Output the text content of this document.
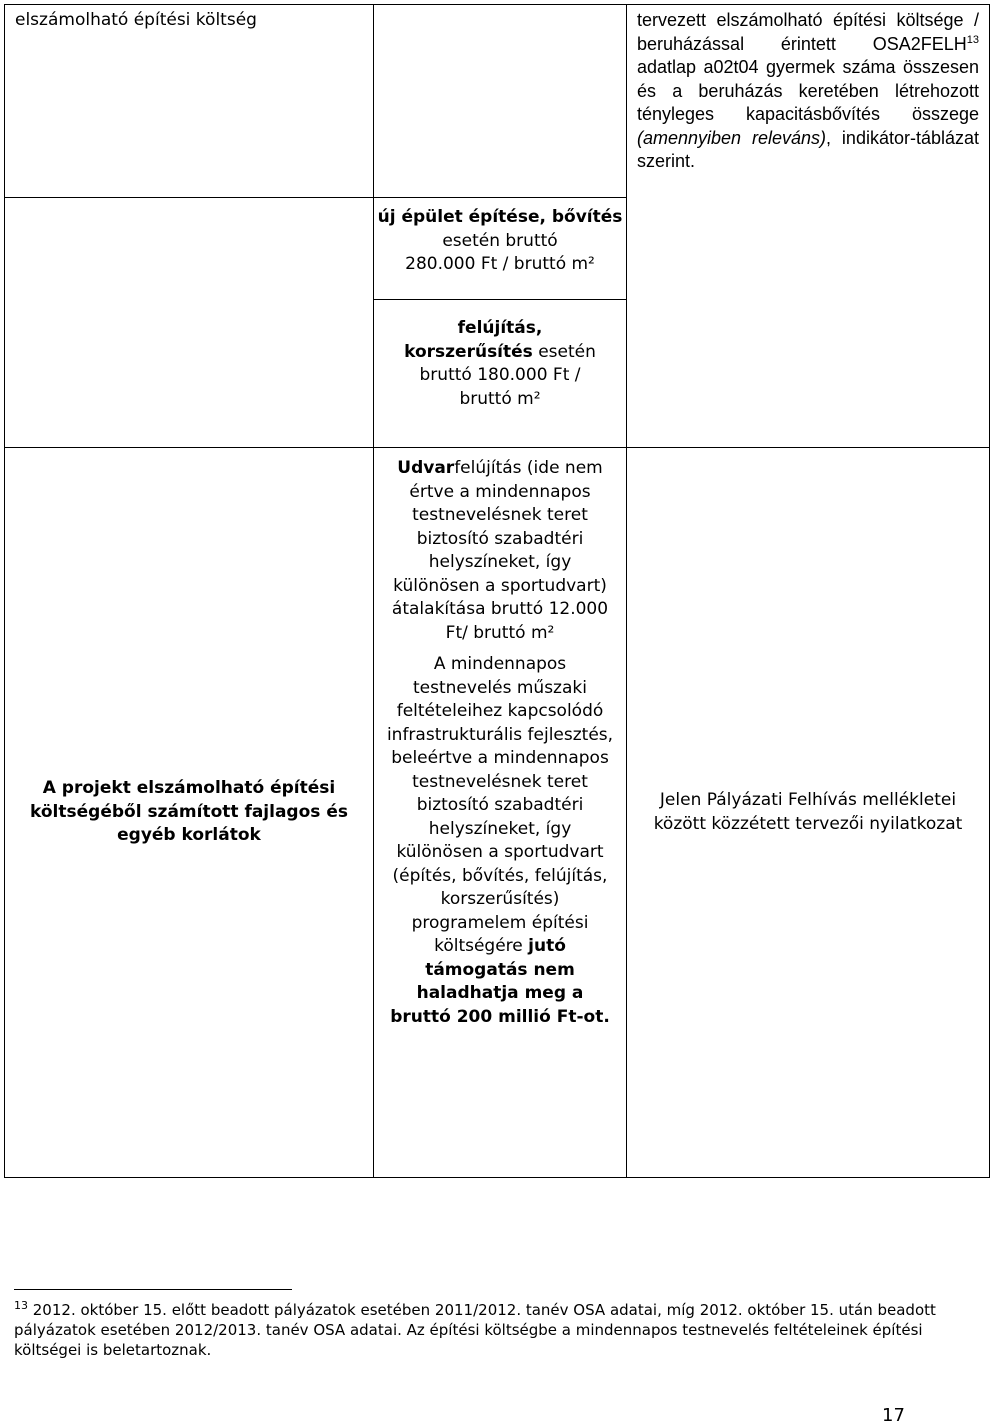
elszámolható építési költség		tervezett elszámolható építési költsége / beruházással érintett OSA2FELH$^{13}$ adatlap a02t04 gyermek száma összesen és a beruházás keretében létrehozott tényleges kapacitásbővítés összege (amennyiben releváns), indikátor-táblázat szerint.
	új épület építése, bővítés esetén bruttó
280.000 Ft / bruttó m²	
	felújítás,
korszerűsítés esetén
bruttó 180.000 Ft /
bruttó m²	
A projekt elszámolható építési költségéből számított fajlagos és egyéb korlátok	Udvarfelújítás (ide nem értve a mindennapos testnevelésnek teret biztosító szabadtéri helyszíneket, így különösen a sportudvart) átalakítása bruttó 12.000 Ft/ bruttó m²
A mindennapos testnevelés műszaki feltételeihez kapcsolódó infrastrukturális fejlesztés, beleértve a mindennapos testnevelésnek teret biztosító szabadtéri helyszíneket, így különösen a sportudvart (építés, bővítés, felújítás, korszerűsítés) programelem építési költségére jutó támogatás nem haladhatja meg a bruttó 200 millió Ft-ot.	Jelen Pályázati Felhívás mellékletei között közzétett tervezői nyilatkozat
$^{13}$ 2012. október 15. előtt beadott pályázatok esetében 2011/2012. tanév OSA adatai, míg 2012. október 15. után beadott pályázatok esetében 2012/2013. tanév OSA adatai. Az építési költségbe a mindennapos testnevelés feltételeinek építési költségei is beletartoznak.
17
